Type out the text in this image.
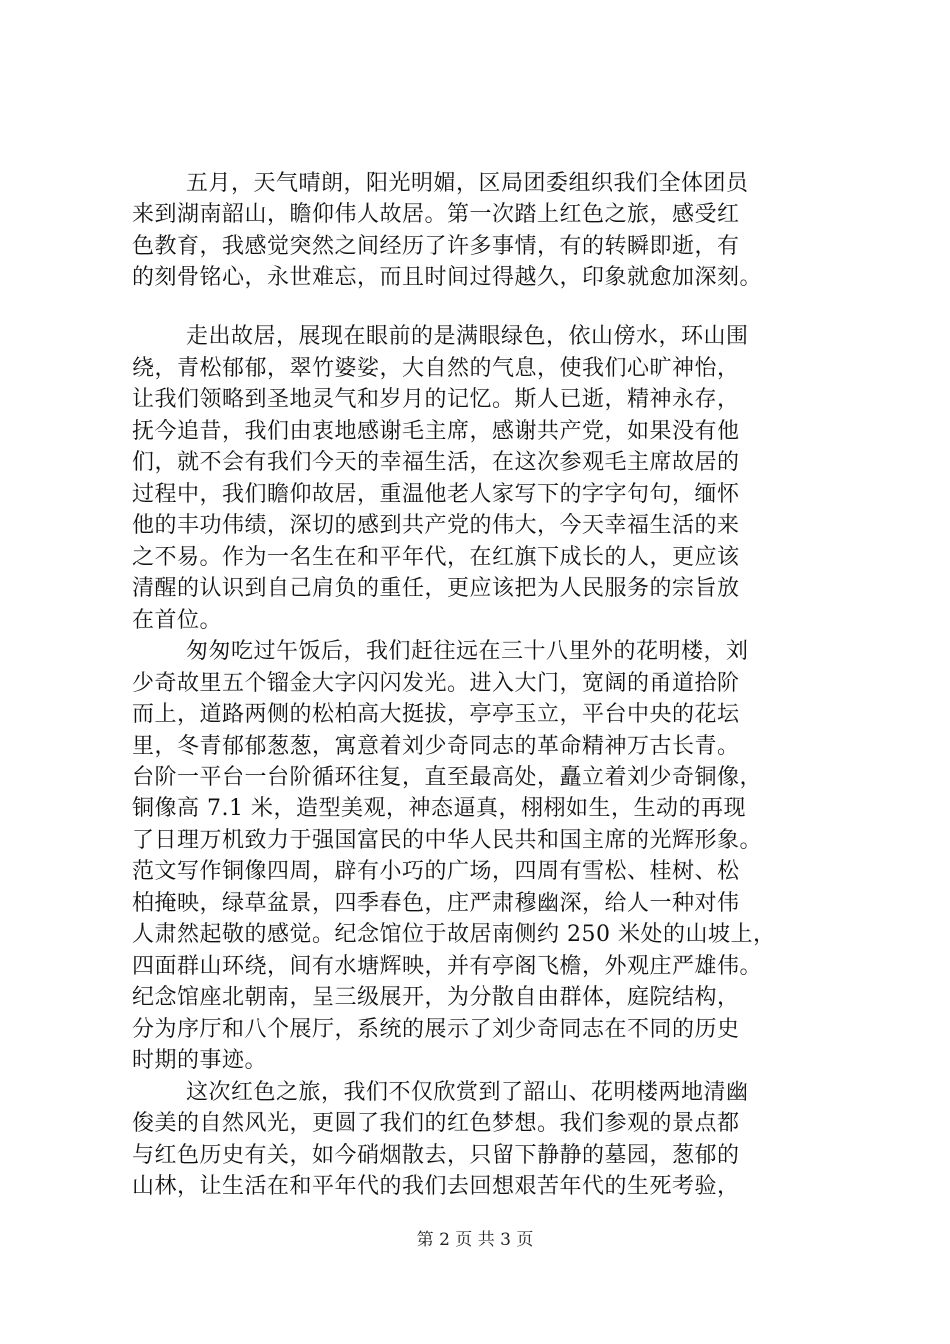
五月，天气晴朗，阳光明媚，区局团委组织我们全体团员
来到湖南韶山，瞻仰伟人故居。第一次踏上红色之旅，感受红
色教育，我感觉突然之间经历了许多事情，有的转瞬即逝，有
的刻骨铭心，永世难忘，而且时间过得越久，印象就愈加深刻。
走出故居，展现在眼前的是满眼绿色，依山傍水，环山围
绕，青松郁郁，翠竹婆娑，大自然的气息，使我们心旷神怡，
让我们领略到圣地灵气和岁月的记忆。斯人已逝，精神永存，
抚今追昔，我们由衷地感谢毛主席，感谢共产党，如果没有他
们，就不会有我们今天的幸福生活，在这次参观毛主席故居的
过程中，我们瞻仰故居，重温他老人家写下的字字句句，缅怀
他的丰功伟绩，深切的感到共产党的伟大，今天幸福生活的来
之不易。作为一名生在和平年代，在红旗下成长的人，更应该
清醒的认识到自己肩负的重任，更应该把为人民服务的宗旨放
在首位。
匆匆吃过午饭后，我们赶往远在三十八里外的花明楼，刘
少奇故里五个镏金大字闪闪发光。进入大门，宽阔的甬道拾阶
而上，道路两侧的松柏高大挺拔，亭亭玉立，平台中央的花坛
里，冬青郁郁葱葱，寓意着刘少奇同志的革命精神万古长青。
台阶一平台一台阶循环往复，直至最高处，矗立着刘少奇铜像，
铜像高 7.1 米，造型美观，神态逼真，栩栩如生，生动的再现
了日理万机致力于强国富民的中华人民共和国主席的光辉形象。
范文写作铜像四周，辟有小巧的广场，四周有雪松、桂树、松
柏掩映，绿草盆景，四季春色，庄严肃穆幽深，给人一种对伟
人肃然起敬的感觉。纪念馆位于故居南侧约 250 米处的山坡上，
四面群山环绕，间有水塘辉映，并有亭阁飞檐，外观庄严雄伟。
纪念馆座北朝南，呈三级展开，为分散自由群体，庭院结构，
分为序厅和八个展厅，系统的展示了刘少奇同志在不同的历史
时期的事迹。
这次红色之旅，我们不仅欣赏到了韶山、花明楼两地清幽
俊美的自然风光，更圆了我们的红色梦想。我们参观的景点都
与红色历史有关，如今硝烟散去，只留下静静的墓园，葱郁的
山林，让生活在和平年代的我们去回想艰苦年代的生死考验，
第 2 页 共 3 页
